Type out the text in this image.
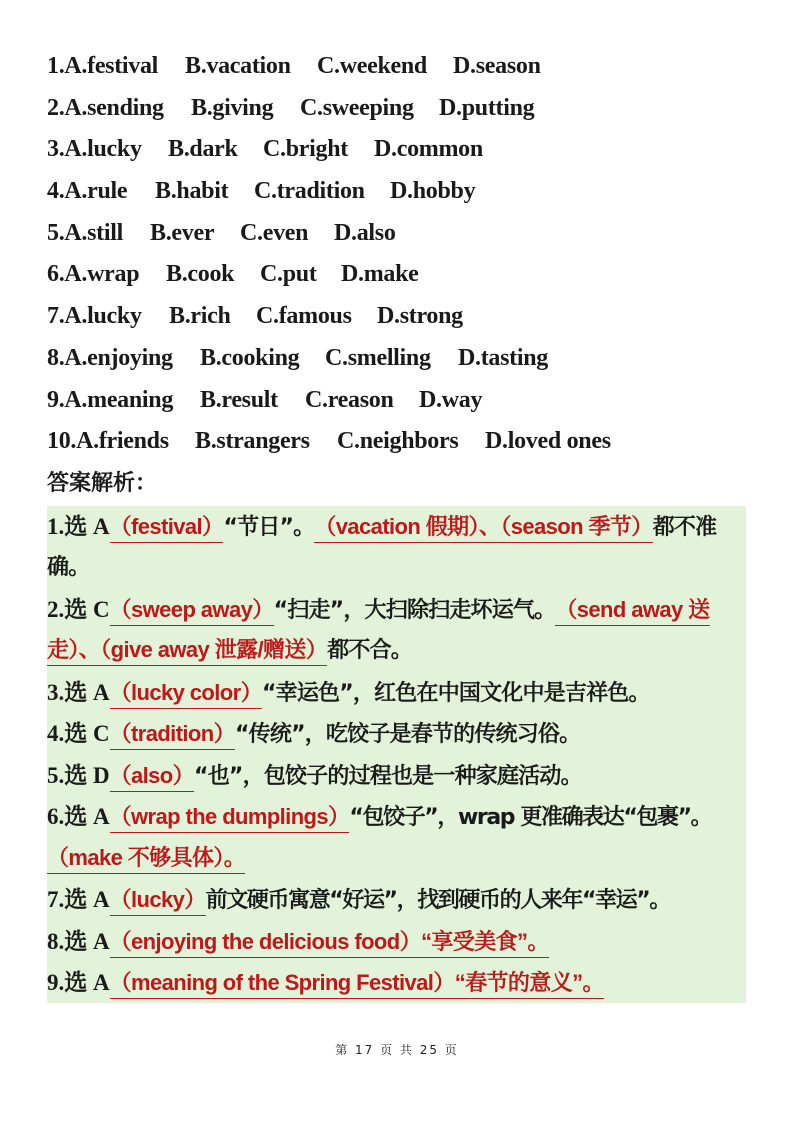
1.A.festival B.vacation C.weekend D.season
2.A.sending B.giving C.sweeping D.putting
3.A.lucky B.dark C.bright D.common
4.A.rule B.habit C.tradition D.hobby
5.A.still B.ever C.even D.also
6.A.wrap B.cook C.put D.make
7.A.lucky B.rich C.famous D.strong
8.A.enjoying B.cooking C.smelling D.tasting
9.A.meaning B.result C.reason D.way
10.A.friends B.strangers C.neighbors D.loved ones
答案解析：
1.选 A（festival）“节日”。（vacation 假期）、（season 季节）都不准
确。
2.选 C（sweep away）“扫走”，大扫除扫走坏运气。（send away 送
走）、（give away 泄露/赠送）都不合。
3.选 A（lucky color）“幸运色”，红色在中国文化中是吉祥色。
4.选 C（tradition）“传统”，吃饺子是春节的传统习俗。
5.选 D（also）“也”，包饺子的过程也是一种家庭活动。
6.选 A（wrap the dumplings）“包饺子”，wrap 更准确表达“包裹”。
（make 不够具体）。
7.选 A（lucky）前文硬币寓意“好运”，找到硬币的人来年“幸运”。
8.选 A（enjoying the delicious food）“享受美食”。
9.选 A（meaning of the Spring Festival）“春节的意义”。
第 17 页 共 25 页
